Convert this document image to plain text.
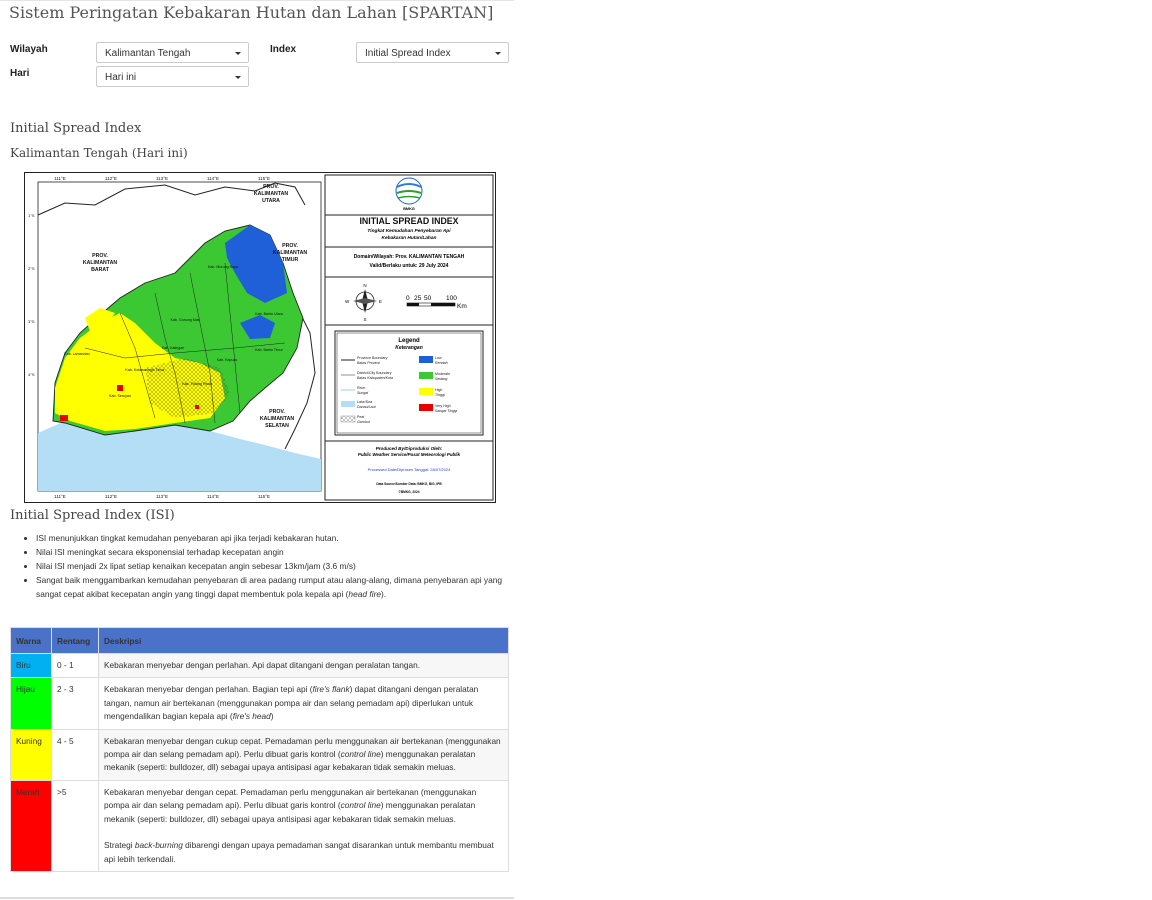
Sistem Peringatan Kebakaran Hutan dan Lahan [SPARTAN]
Wilayah	Kalimantan Tengah
Hari	Hari ini
Index	Initial Spread Index
Initial Spread Index
Kalimantan Tengah (Hari ini)
PROV.
KALIMANTAN
BARAT
PROV.
KALIMANTAN
UTARA
PROV.
KALIMANTAN
TIMUR
PROV.
KALIMANTAN
SELATAN
Kab. Murung Raya
Kab. Gunung Mas
Kab. Barito Utara
Kab. Katingan
Kab. Lamandau
Kab. Kotawaringin Timur
Kab. Kapuas
Kab. Seruyan
Kab. Pulang Pisau
Kab. Barito Timur
111°E	112°E	113°E	114°E	115°E
111°E	112°E	113°E	114°E	115°E
1°S
2°S
3°S
4°S
BMKG
INITIAL SPREAD INDEX
Tingkat Kemudahan Penyebaran Api
Kebakaran Hutan/Lahan
Domain/Wilayah: Prov. KALIMANTAN TENGAH
Valid/Berlaku untuk: 29 July 2024
N
S
E
W	0 25 50 100
Km
Legend
Keterangan
Province Boundary
Batas Provinsi
District/City Boundary
Batas Kabupaten/Kota
River
Sungai
Lake/Sea
Danau/Laut
Peat
Gambut
Low
Rendah
Moderate
Sedang
High
Tinggi
Very High
Sangat Tinggi
Produced By/Diproduksi Oleh:
Public Weather Service/Pusat Meteorologi Publik
Processed Date/Diproses Tanggal: 28/07/2024
Data Source/Sumber Data: BMKG, BIG, IPB
©BMKG, 2024
Initial Spread Index (ISI)
• ISI menunjukkan tingkat kemudahan penyebaran api jika terjadi kebakaran hutan.
• Nilai ISI meningkat secara eksponensial terhadap kecepatan angin
• Nilai ISI menjadi 2x lipat setiap kenaikan kecepatan angin sebesar 13km/jam (3.6 m/s)
• Sangat baik menggambarkan kemudahan penyebaran di area padang rumput atau alang-alang, dimana penyebaran api yang sangat cepat akibat kecepatan angin yang tinggi dapat membentuk pola kepala api (head fire).
Warna	Rentang	Deskripsi
Biru	0 - 1	Kebakaran menyebar dengan perlahan. Api dapat ditangani dengan peralatan tangan.
Hijau	2 - 3	Kebakaran menyebar dengan perlahan. Bagian tepi api (fire's flank) dapat ditangani dengan peralatan tangan, namun air bertekanan (menggunakan pompa air dan selang pemadam api) diperlukan untuk mengendalikan bagian kepala api (fire's head)
Kuning	4 - 5	Kebakaran menyebar dengan cukup cepat. Pemadaman perlu menggunakan air bertekanan (menggunakan pompa air dan selang pemadam api). Perlu dibuat garis kontrol (control line) menggunakan peralatan mekanik (seperti: bulldozer, dll) sebagai upaya antisipasi agar kebakaran tidak semakin meluas.
Merah	>5	Kebakaran menyebar dengan cepat. Pemadaman perlu menggunakan air bertekanan (menggunakan pompa air dan selang pemadam api). Perlu dibuat garis kontrol (control line) menggunakan peralatan mekanik (seperti: bulldozer, dll) sebagai upaya antisipasi agar kebakaran tidak semakin meluas.

Strategi back-burning dibarengi dengan upaya pemadaman sangat disarankan untuk membantu membuat api lebih terkendali.
